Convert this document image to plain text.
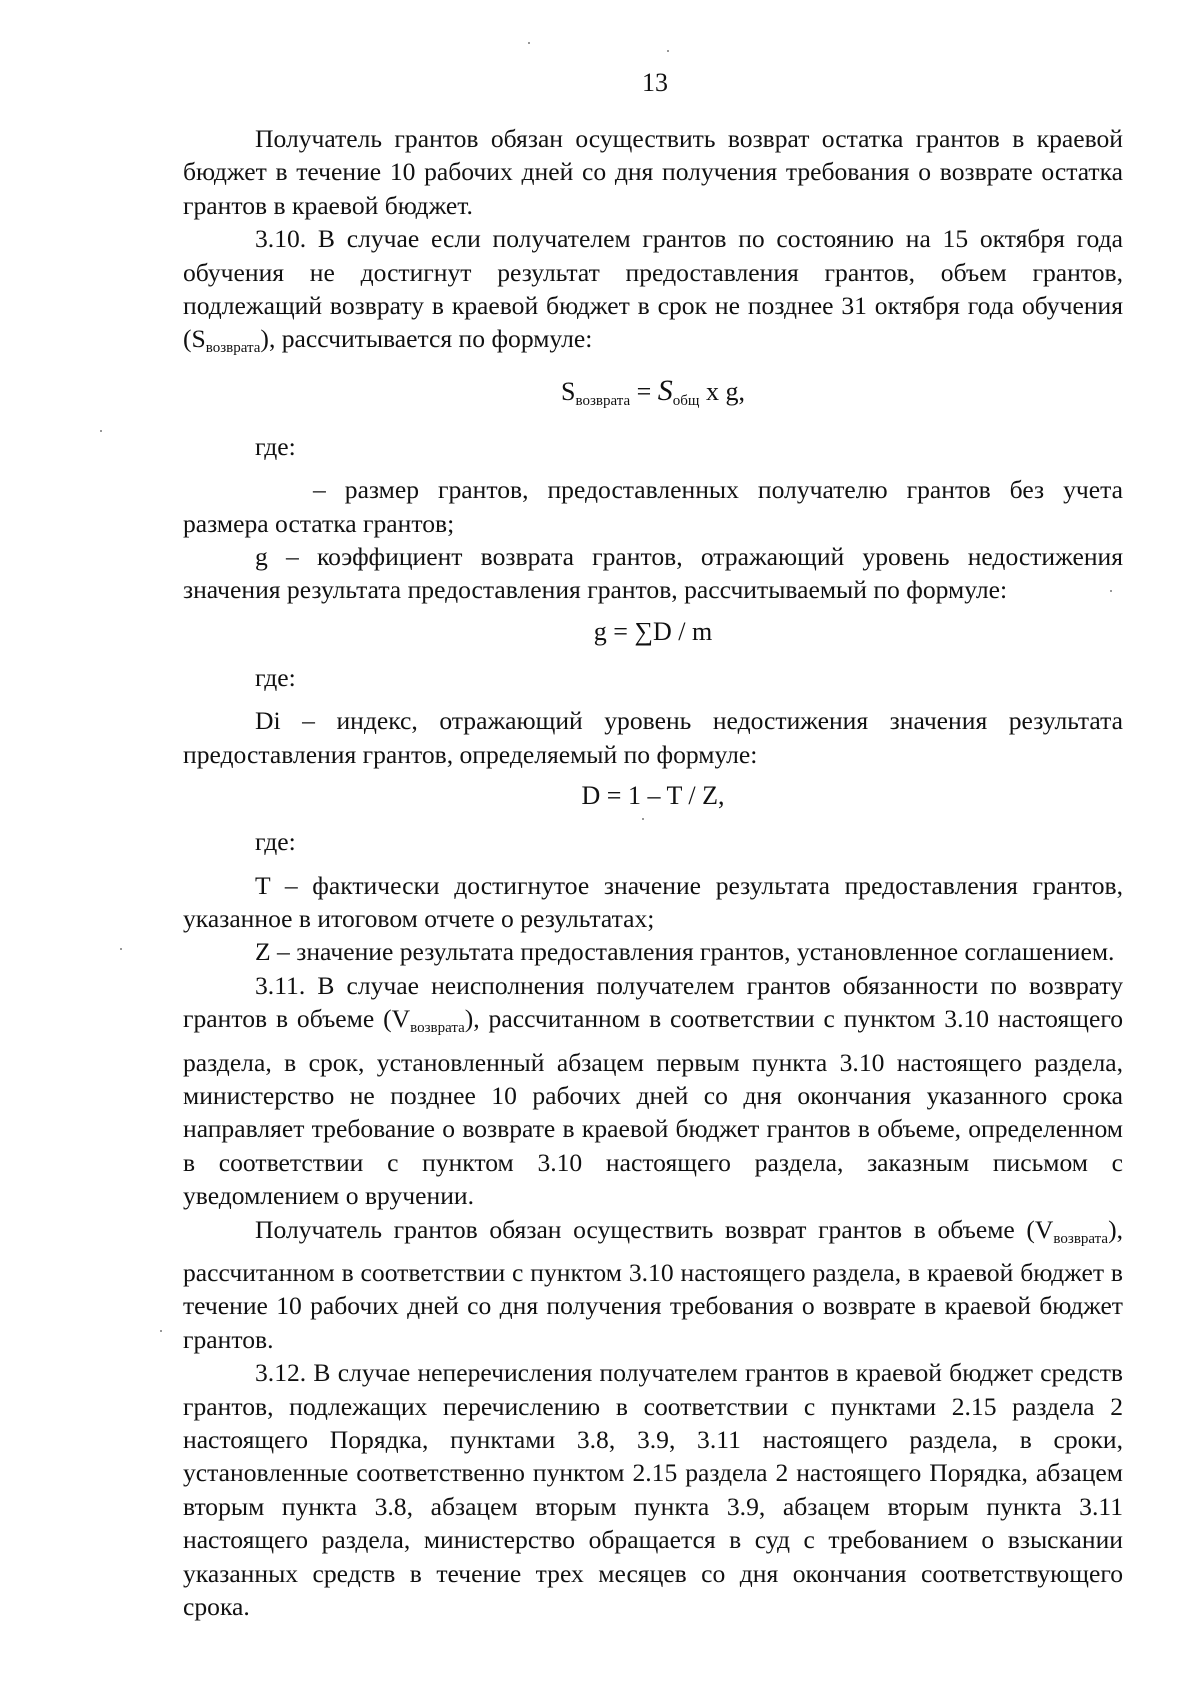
13

Получатель грантов обязан осуществить возврат остатка грантов в краевой бюджет в течение 10 рабочих дней со дня получения требования о возврате остатка грантов в краевой бюджет.

3.10. В случае если получателем грантов по состоянию на 15 октября года обучения не достигнут результат предоставления грантов, объем грантов, подлежащий возврату в краевой бюджет в срок не позднее 31 октября года обучения (Sвозврата), рассчитывается по формуле:

$S_{возврата} = S_{общ}$ x g,

где:

– размер грантов, предоставленных получателю грантов без учета размера остатка грантов;

g – коэффициент возврата грантов, отражающий уровень недостижения значения результата предоставления грантов, рассчитываемый по формуле:

g = ∑D / m

где:

Di – индекс, отражающий уровень недостижения значения результата предоставления грантов, определяемый по формуле:

D = 1 – T / Z,

где:

T – фактически достигнутое значение результата предоставления грантов, указанное в итоговом отчете о результатах;

Z – значение результата предоставления грантов, установленное соглашением.

3.11. В случае неисполнения получателем грантов обязанности по возврату грантов в объеме (Vвозврата), рассчитанном в соответствии с пунктом 3.10 настоящего раздела, в срок, установленный абзацем первым пункта 3.10 настоящего раздела, министерство не позднее 10 рабочих дней со дня окончания указанного срока направляет требование о возврате в краевой бюджет грантов в объеме, определенном в соответствии с пунктом 3.10 настоящего раздела, заказным письмом с уведомлением о вручении.

Получатель грантов обязан осуществить возврат грантов в объеме (Vвозврата), рассчитанном в соответствии с пунктом 3.10 настоящего раздела, в краевой бюджет в течение 10 рабочих дней со дня получения требования о возврате в краевой бюджет грантов.

3.12. В случае неперечисления получателем грантов в краевой бюджет средств грантов, подлежащих перечислению в соответствии с пунктами 2.15 раздела 2 настоящего Порядка, пунктами 3.8, 3.9, 3.11 настоящего раздела, в сроки, установленные соответственно пунктом 2.15 раздела 2 настоящего Порядка, абзацем вторым пункта 3.8, абзацем вторым пункта 3.9, абзацем вторым пункта 3.11 настоящего раздела, министерство обращается в суд с требованием о взыскании указанных средств в течение трех месяцев со дня окончания соответствующего срока.
